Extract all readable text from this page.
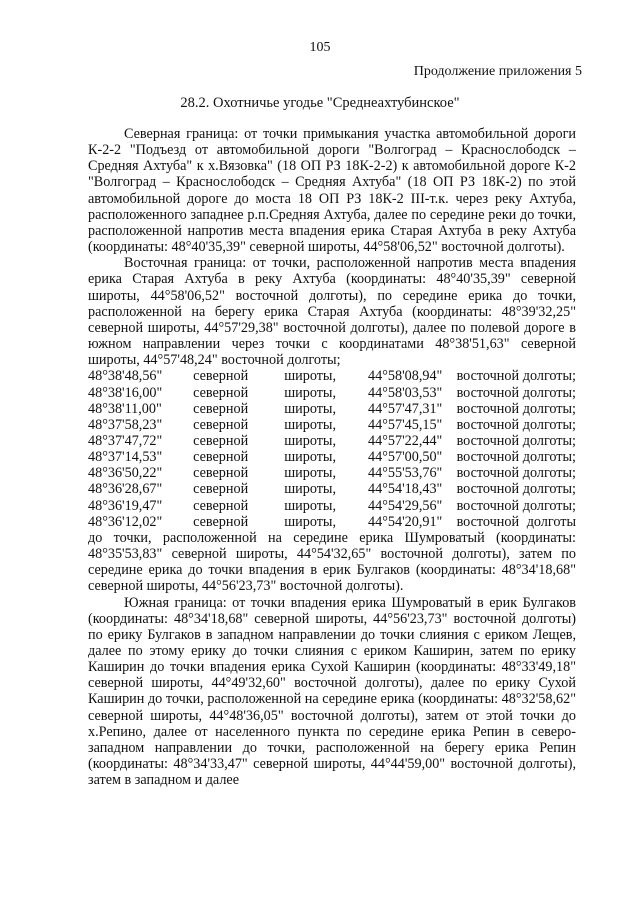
105
Продолжение приложения 5
28.2. Охотничье угодье "Среднеахтубинское"

Северная граница: от точки примыкания участка автомобильной дороги К-2-2 "Подъезд от автомобильной дороги "Волгоград – Краснослободск – Средняя Ахтуба" к х.Вязовка" (18 ОП РЗ 18К-2-2) к автомобильной дороге К-2 "Волгоград – Краснослободск – Средняя Ахтуба" (18 ОП РЗ 18К-2) по этой автомобильной дороге до моста 18 ОП РЗ 18К-2 III-т.к. через реку Ахтуба, расположенного западнее р.п.Средняя Ахтуба, далее по середине реки до точки, расположенной напротив места впадения ерика Старая Ахтуба в реку Ахтуба (координаты: 48°40'35,39" северной широты, 44°58'06,52" восточной долготы).

Восточная граница: от точки, расположенной напротив места впадения ерика Старая Ахтуба в реку Ахтуба (координаты: 48°40'35,39" северной широты, 44°58'06,52" восточной долготы), по середине ерика до точки, расположенной на берегу ерика Старая Ахтуба (координаты: 48°39'32,25" северной широты, 44°57'29,38" восточной долготы), далее по полевой дороге в южном направлении через точки с координатами 48°38'51,63" северной широты, 44°57'48,24" восточной долготы;

48°38'48,56"	северной	широты,	44°58'08,94"	восточной	долготы;
48°38'16,00"	северной	широты,	44°58'03,53"	восточной	долготы;
48°38'11,00"	северной	широты,	44°57'47,31"	восточной	долготы;
48°37'58,23"	северной	широты,	44°57'45,15"	восточной	долготы;
48°37'47,72"	северной	широты,	44°57'22,44"	восточной	долготы;
48°37'14,53"	северной	широты,	44°57'00,50"	восточной	долготы;
48°36'50,22"	северной	широты,	44°55'53,76"	восточной	долготы;
48°36'28,67"	северной	широты,	44°54'18,43"	восточной	долготы;
48°36'19,47"	северной	широты,	44°54'29,56"	восточной	долготы;
48°36'12,02"	северной	широты,	44°54'20,91"	восточной	долготы

до точки, расположенной на середине ерика Шумроватый (координаты: 48°35'53,83" северной широты, 44°54'32,65" восточной долготы), затем по середине ерика до точки впадения в ерик Булгаков (координаты: 48°34'18,68" северной широты, 44°56'23,73" восточной долготы).

Южная граница: от точки впадения ерика Шумроватый в ерик Булгаков (координаты: 48°34'18,68" северной широты, 44°56'23,73" восточной долготы) по ерику Булгаков в западном направлении до точки слияния с ериком Лещев, далее по этому ерику до точки слияния с ериком Каширин, затем по ерику Каширин до точки впадения ерика Сухой Каширин (координаты: 48°33'49,18" северной широты, 44°49'32,60" восточной долготы), далее по ерику Сухой Каширин до точки, расположенной на середине ерика (координаты: 48°32'58,62" северной широты, 44°48'36,05" восточной долготы), затем от этой точки до х.Репино, далее от населенного пункта по середине ерика Репин в северо-западном направлении до точки, расположенной на берегу ерика Репин (координаты: 48°34'33,47" северной широты, 44°44'59,00" восточной долготы), затем в западном и далее
